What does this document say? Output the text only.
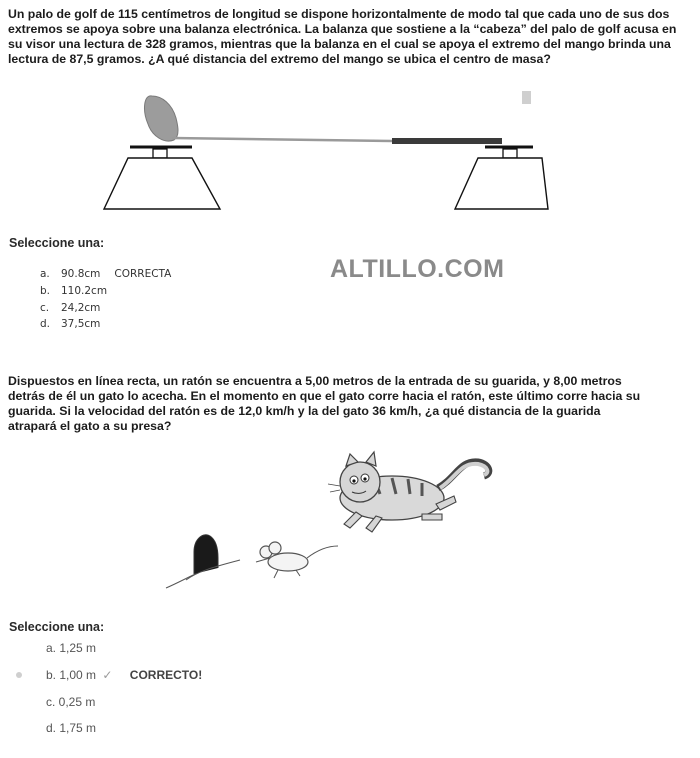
Un palo de golf de 115 centímetros de longitud se dispone horizontalmente de modo tal que cada uno de sus dos extremos se apoya sobre una balanza electrónica. La balanza que sostiene a la “cabeza” del palo de golf acusa en su visor una lectura de 328 gramos, mientras que la balanza en el cual se apoya el extremo del mango brinda una lectura de 87,5 gramos. ¿A qué distancia del extremo del mango se ubica el centro de masa?

Seleccione una:
a. 90.8cm CORRECTA
b. 110.2cm
c. 24,2cm
d. 37,5cm
ALTILLO.COM

Dispuestos en línea recta, un ratón se encuentra a 5,00 metros de la entrada de su guarida, y 8,00 metros detrás de él un gato lo acecha. En el momento en que el gato corre hacia el ratón, este último corre hacia su guarida. Si la velocidad del ratón es de 12,0 km/h y la del gato 36 km/h, ¿a qué distancia de la guarida atrapará el gato a su presa?

Seleccione una:
a. 1,25 m
b. 1,00 m ✓ CORRECTO!
c. 0,25 m
d. 1,75 m
